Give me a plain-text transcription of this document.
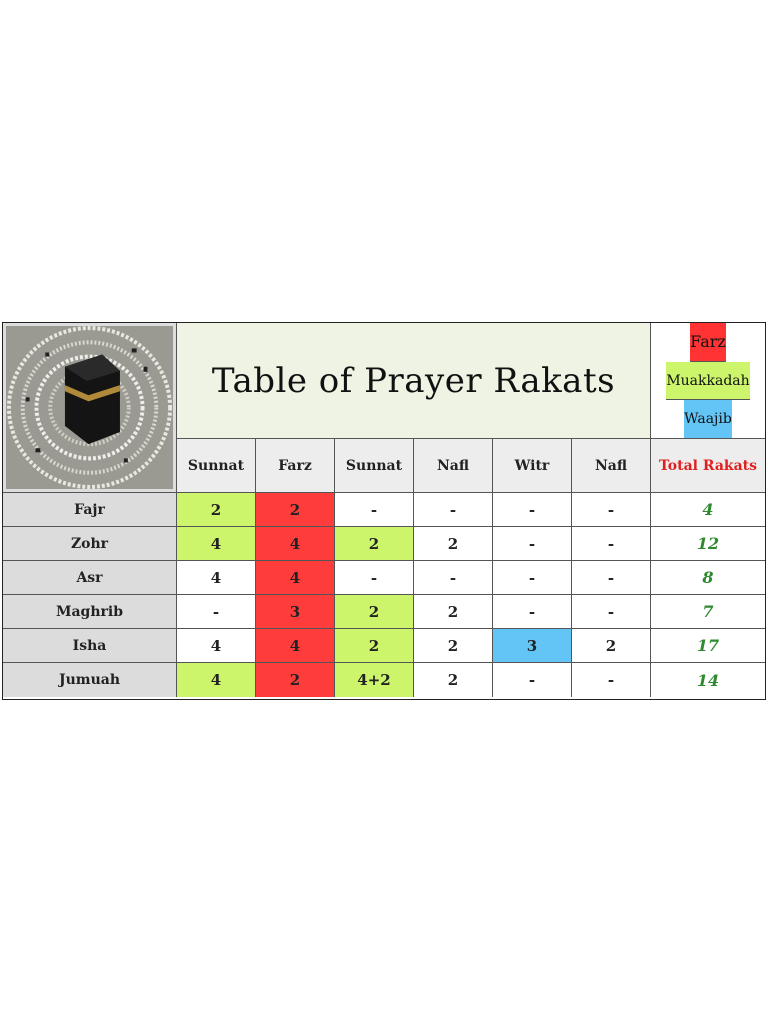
Table of Prayer Rakats
Farz
Muakkadah
Waajib
Sunnat	Farz	Sunnat	Nafl	Witr	Nafl	Total Rakats
Fajr	2	2	-	-	-	-	4
Zohr	4	4	2	2	-	-	12
Asr	4	4	-	-	-	-	8
Maghrib	-	3	2	2	-	-	7
Isha	4	4	2	2	3	2	17
Jumuah	4	2	4+2	2	-	-	14
